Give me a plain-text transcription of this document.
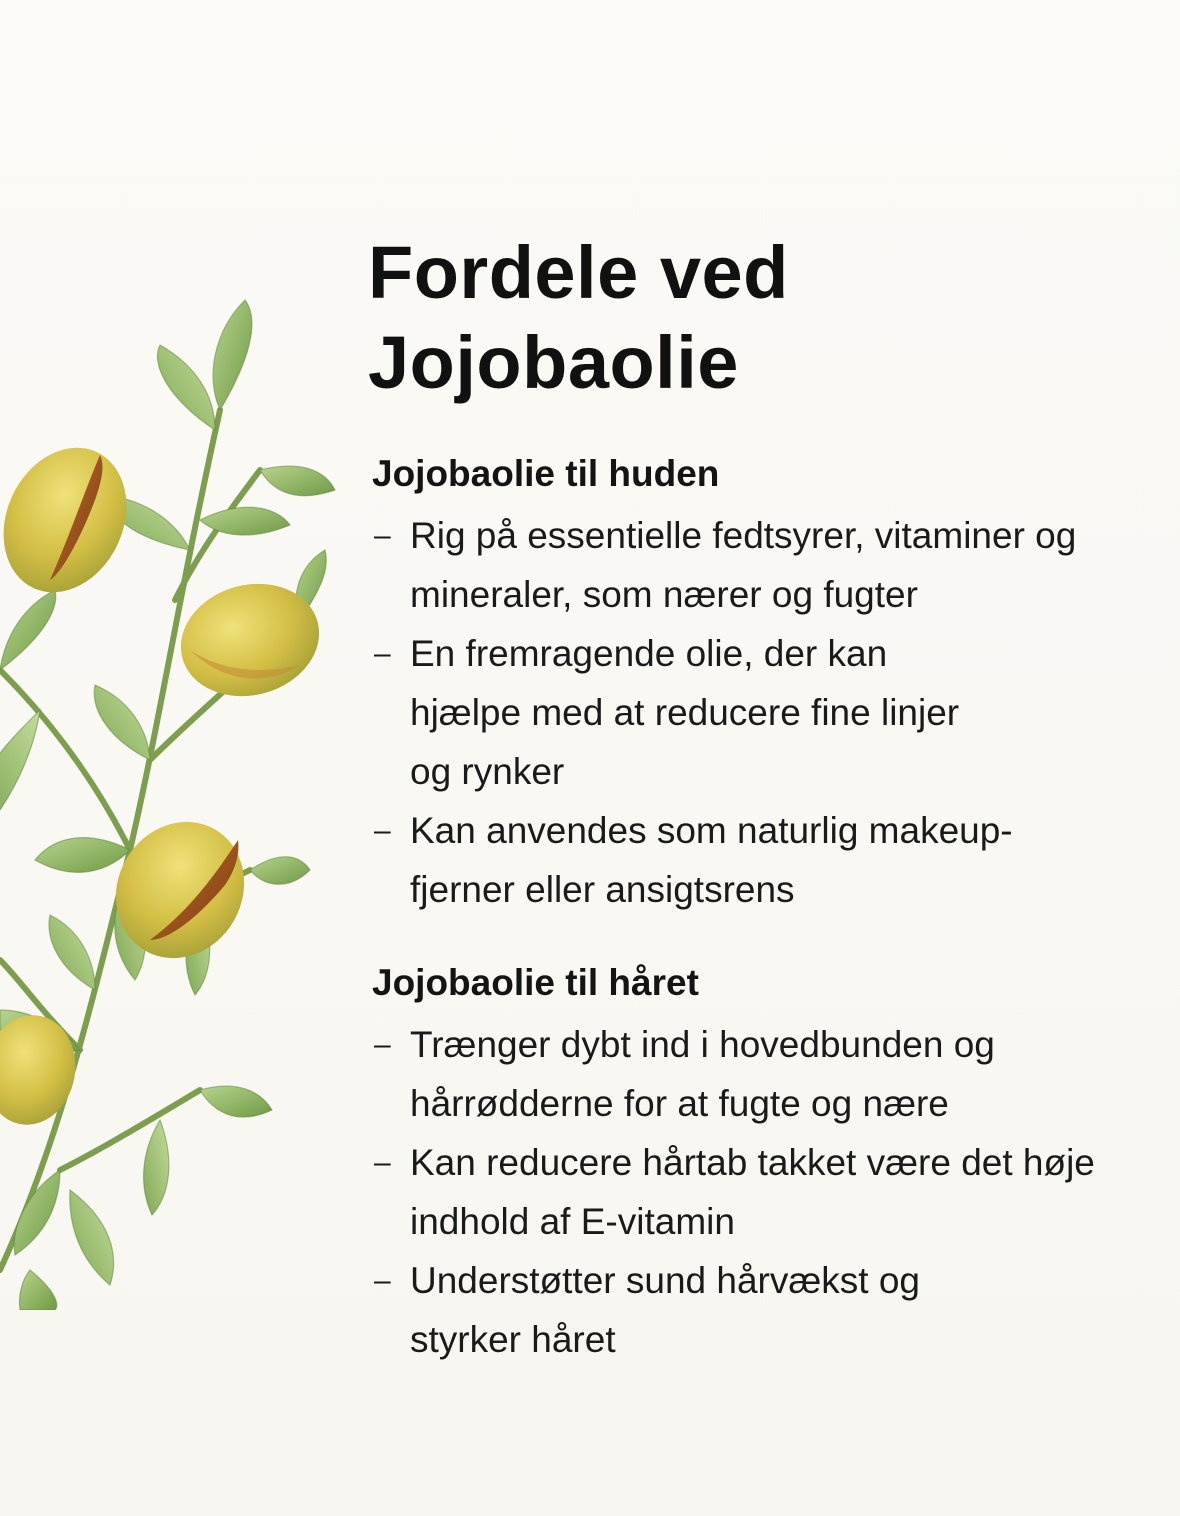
Fordele ved
Jojobaolie
Jojobaolie til huden
– Rig på essentielle fedtsyrer, vitaminer og mineraler, som nærer og fugter
– En fremragende olie, der kan hjælpe med at reducere fine linjer og rynker
– Kan anvendes som naturlig makeup-fjerner eller ansigtsrens
Jojobaolie til håret
– Trænger dybt ind i hovedbunden og hårrødderne for at fugte og nære
– Kan reducere hårtab takket være det høje indhold af E-vitamin
– Understøtter sund hårvækst og styrker håret
